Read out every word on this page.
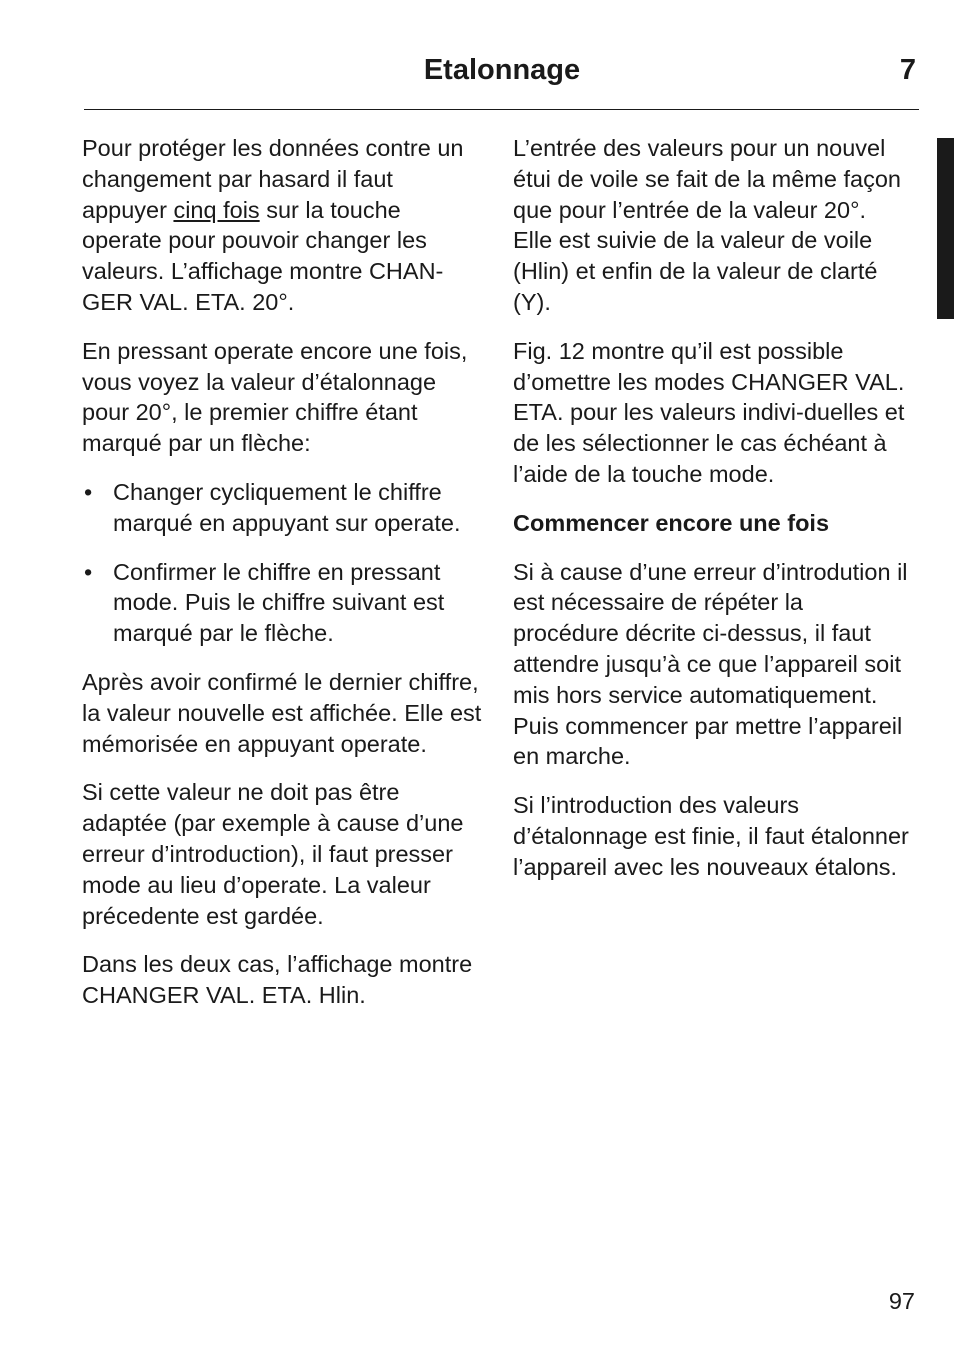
Etalonnage	7

Pour protéger les données contre un changement par hasard il faut appuyer cinq fois sur la touche operate pour pouvoir changer les valeurs. L’affichage montre CHAN-GER VAL. ETA. 20°.

En pressant operate encore une fois, vous voyez la valeur d’étalonnage pour 20°, le premier chiffre étant marqué par un flèche:

• Changer cycliquement le chiffre marqué en appuyant sur operate.
• Confirmer le chiffre en pressant mode. Puis le chiffre suivant est marqué par le flèche.

Après avoir confirmé le dernier chiffre, la valeur nouvelle est affichée. Elle est mémorisée en appuyant operate.

Si cette valeur ne doit pas être adaptée (par exemple à cause d’une erreur d’introduction), il faut presser mode au lieu d’operate. La valeur précedente est gardée.

Dans les deux cas, l’affichage montre CHANGER VAL. ETA. Hlin.

L’entrée des valeurs pour un nouvel étui de voile se fait de la même façon que pour l’entrée de la valeur 20°. Elle est suivie de la valeur de voile (Hlin) et enfin de la valeur de clarté (Y).

Fig. 12 montre qu’il est possible d’omettre les modes CHANGER VAL. ETA. pour les valeurs indivi-duelles et de les sélectionner le cas échéant à l’aide de la touche mode.

Commencer encore une fois

Si à cause d’une erreur d’introdution il est nécessaire de répéter la procédure décrite ci-dessus, il faut attendre jusqu’à ce que l’appareil soit mis hors service automatiquement. Puis commencer par mettre l’appareil en marche.

Si l’introduction des valeurs d’étalonnage est finie, il faut étalonner l’appareil avec les nouveaux étalons.

97
